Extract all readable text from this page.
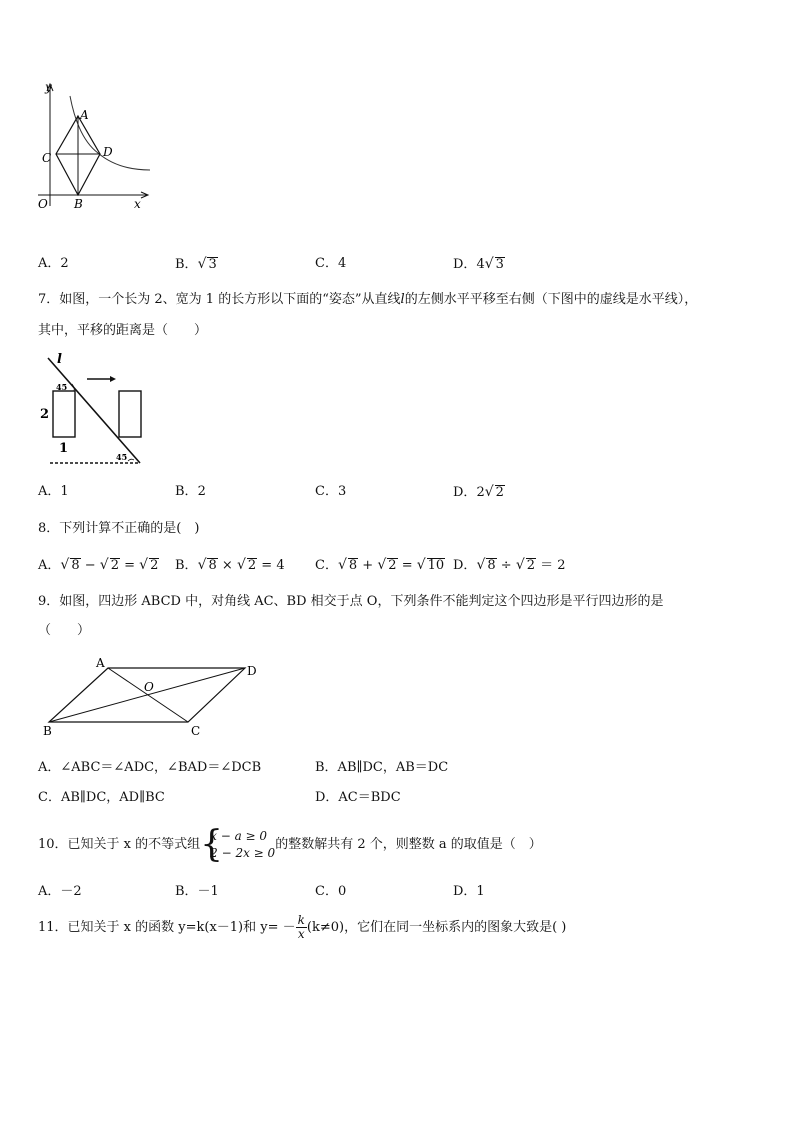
y
x
O
A
B
C	D
A．2	B．√ 3	C．4	D．4√ 3
7．如图，一个长为 2、宽为 1 的长方形以下面的“姿态”从直线l的左侧水平平移至右侧（下图中的虚线是水平线），
其中，平移的距离是（　　）
l
45
45
2
1
A．1	B．2	C．3	D．2√ 2
8．下列计算不正确的是(　)
A．√ 8 − √ 2 = √ 2 B．√ 8 × √ 2 = 4 C．√ 8 + √ 2 = √ 10 D．√ 8 ÷ √ 2 ＝ 2
9．如图，四边形 ABCD 中，对角线 AC、BD 相交于点 O，下列条件不能判定这个四边形是平行四边形的是
（　　）
A
B	C
D
O
A．∠ABC＝∠ADC，∠BAD＝∠DCB	B．AB∥DC，AB＝DC
C．AB∥DC，AD∥BC	D．AC＝BDC
10．已知关于 x 的不等式组 {
x − a ≥ 0
2 − 2x ≥ 0
的整数解共有 2 个，则整数 a 的取值是（　）
A．－2	B．－1	C．0	D．1
11．已知关于 x 的函数 y=k(x－1)和 $y= - \frac{k}{x} (k\ne 0)$，它们在同一坐标系内的图象大致是( )
